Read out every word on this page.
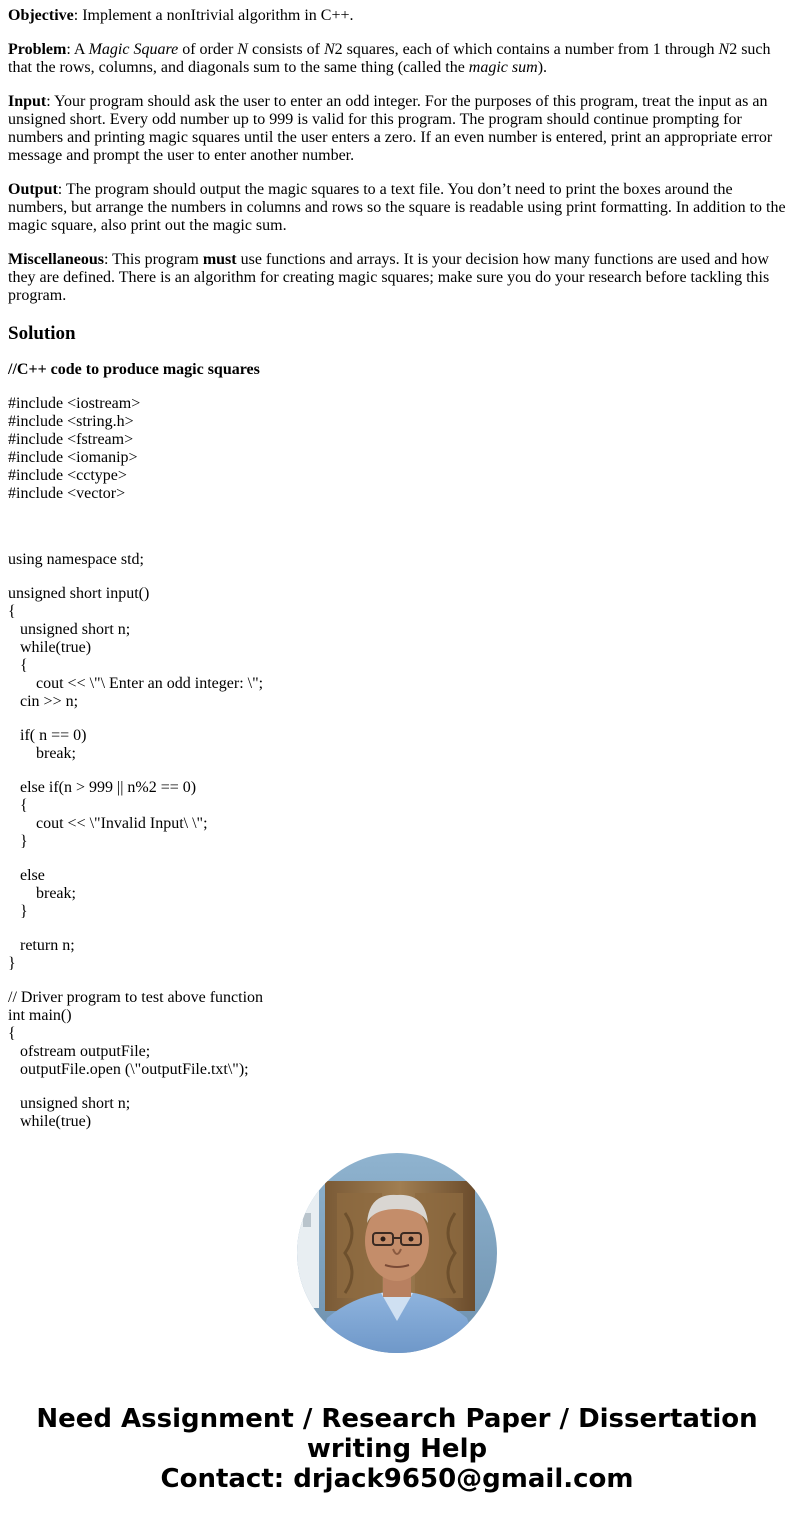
Objective: Implement a nonItrivial algorithm in C++.

Problem: A Magic Square of order N consists of N2 squares, each of which contains a number from 1 through N2 such that the rows, columns, and diagonals sum to the same thing (called the magic sum).

Input: Your program should ask the user to enter an odd integer. For the purposes of this program, treat the input as an unsigned short. Every odd number up to 999 is valid for this program. The program should continue prompting for numbers and printing magic squares until the user enters a zero. If an even number is entered, print an appropriate error message and prompt the user to enter another number.

Output: The program should output the magic squares to a text file. You don’t need to print the boxes around the numbers, but arrange the numbers in columns and rows so the square is readable using print formatting. In addition to the magic square, also print out the magic sum.

Miscellaneous: This program must use functions and arrays. It is your decision how many functions are used and how they are defined. There is an algorithm for creating magic squares; make sure you do your research before tackling this program.

Solution

//C++ code to produce magic squares

#include <iostream>
#include <string.h>
#include <fstream>
#include <iomanip>
#include <cctype>
#include <vector>
using namespace std;
unsigned short input()
{
unsigned short n;
while(true)
{
cout << \"\ Enter an odd integer: \";
cin >> n;
if( n == 0)
break;
else if(n > 999 || n%2 == 0)
{
cout << \"Invalid Input\ \";
}
else
break;
}
return n;
}
// Driver program to test above function
int main()
{
ofstream outputFile;
outputFile.open (\"outputFile.txt\");
unsigned short n;
while(true)
Need Assignment / Research Paper / Dissertation
writing Help
Contact: drjack9650@gmail.com
